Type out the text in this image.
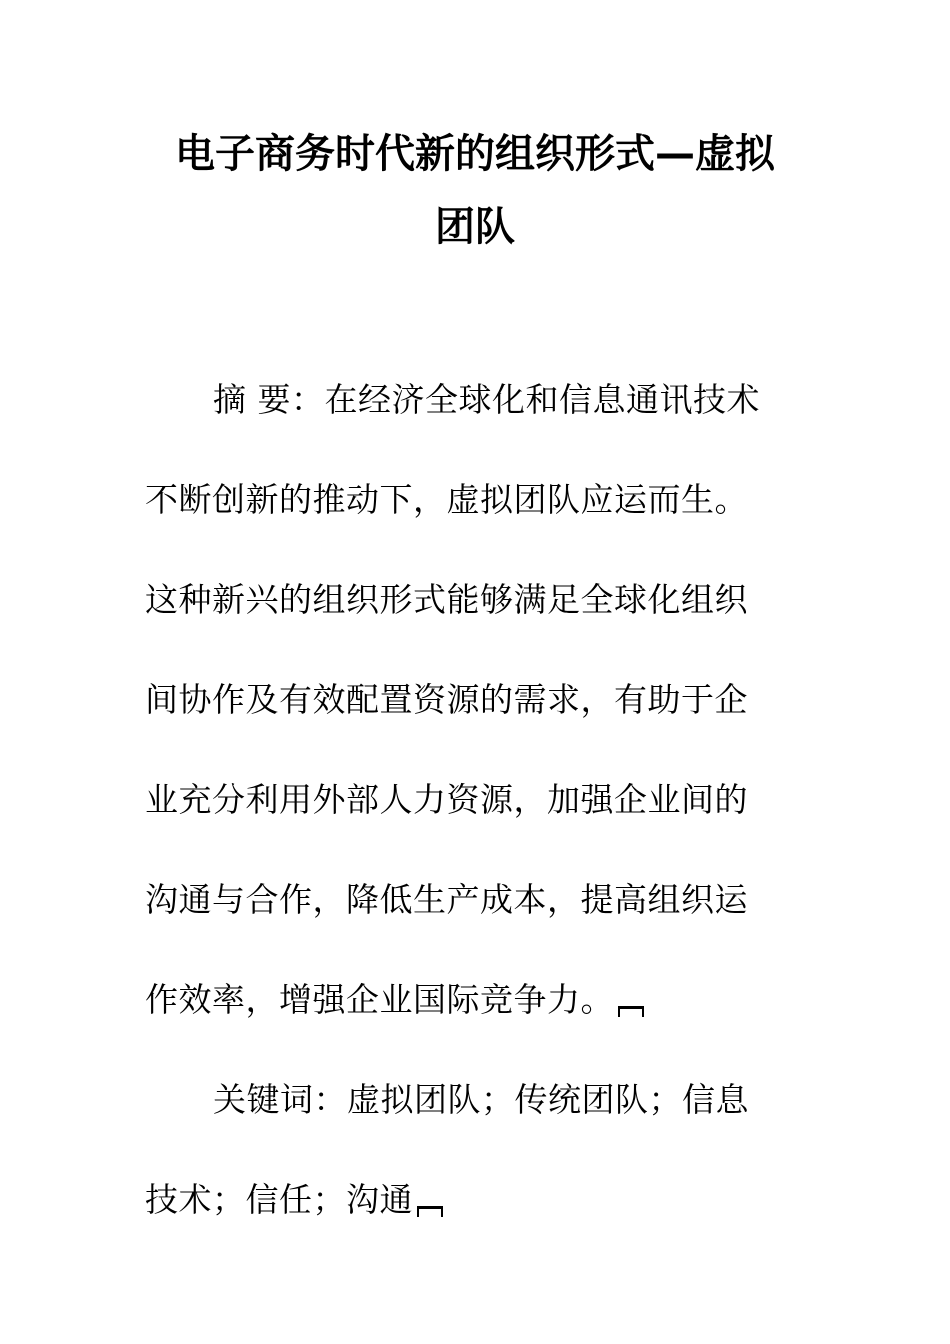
电子商务时代新的组织形式—虚拟
团队
摘 要：在经济全球化和信息通讯技术
不断创新的推动下，虚拟团队应运而生。
这种新兴的组织形式能够满足全球化组织
间协作及有效配置资源的需求，有助于企
业充分利用外部人力资源，加强企业间的
沟通与合作，降低生产成本，提高组织运
作效率，增强企业国际竞争力。
关键词：虚拟团队；传统团队；信息
技术；信任；沟通
